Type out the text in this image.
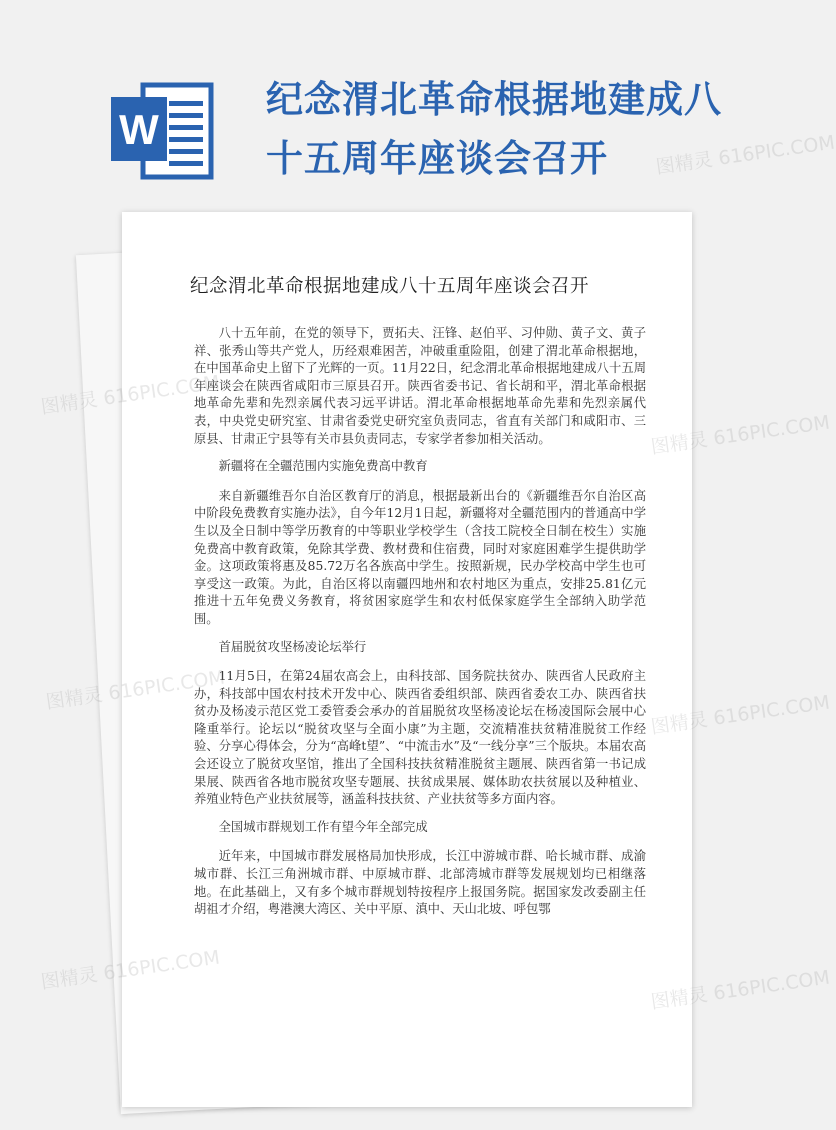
W
纪念渭北革命根据地建成八十五周年座谈会召开
纪念渭北革命根据地建成八十五周年座谈会召开

八十五年前，在党的领导下，贾拓夫、汪锋、赵伯平、习仲勋、黄子文、黄子祥、张秀山等共产党人，历经艰难困苦，冲破重重险阻，创建了渭北革命根据地，在中国革命史上留下了光辉的一页。11月22日，纪念渭北革命根据地建成八十五周年座谈会在陕西省咸阳市三原县召开。陕西省委书记、省长胡和平，渭北革命根据地革命先辈和先烈亲属代表习远平讲话。渭北革命根据地革命先辈和先烈亲属代表，中央党史研究室、甘肃省委党史研究室负责同志，省直有关部门和咸阳市、三原县、甘肃正宁县等有关市县负责同志，专家学者参加相关活动。

新疆将在全疆范围内实施免费高中教育

来自新疆维吾尔自治区教育厅的消息，根据最新出台的《新疆维吾尔自治区高中阶段免费教育实施办法》，自今年12月1日起，新疆将对全疆范围内的普通高中学生以及全日制中等学历教育的中等职业学校学生（含技工院校全日制在校生）实施免费高中教育政策，免除其学费、教材费和住宿费，同时对家庭困难学生提供助学金。这项政策将惠及85.72万名各族高中学生。按照新规，民办学校高中学生也可享受这一政策。为此，自治区将以南疆四地州和农村地区为重点，安排25.81亿元推进十五年免费义务教育，将贫困家庭学生和农村低保家庭学生全部纳入助学范围。

首届脱贫攻坚杨凌论坛举行

11月5日，在第24届农高会上，由科技部、国务院扶贫办、陕西省人民政府主办，科技部中国农村技术开发中心、陕西省委组织部、陕西省委农工办、陕西省扶贫办及杨凌示范区党工委管委会承办的首届脱贫攻坚杨凌论坛在杨凌国际会展中心隆重举行。论坛以“脱贫攻坚与全面小康”为主题，交流精准扶贫精准脱贫工作经验、分享心得体会，分为“高峰t望”、“中流击水”及“一线分享”三个版块。本届农高会还设立了脱贫攻坚馆，推出了全国科技扶贫精准脱贫主题展、陕西省第一书记成果展、陕西省各地市脱贫攻坚专题展、扶贫成果展、媒体助农扶贫展以及种植业、养殖业特色产业扶贫展等，涵盖科技扶贫、产业扶贫等多方面内容。

全国城市群规划工作有望今年全部完成

近年来，中国城市群发展格局加快形成，长江中游城市群、哈长城市群、成渝城市群、长江三角洲城市群、中原城市群、北部湾城市群等发展规划均已相继落地。在此基础上，又有多个城市群规划特按程序上报国务院。据国家发改委副主任胡祖才介绍，粤港澳大湾区、关中平原、滇中、天山北坡、呼包鄂

图精灵 616PIC.COM
图精灵 616PIC.COM
图精灵 616PIC.COM
图精灵 616PIC.COM
图精灵 616PIC.COM
图精灵 616PIC.COM	图精灵 616PIC.COM
